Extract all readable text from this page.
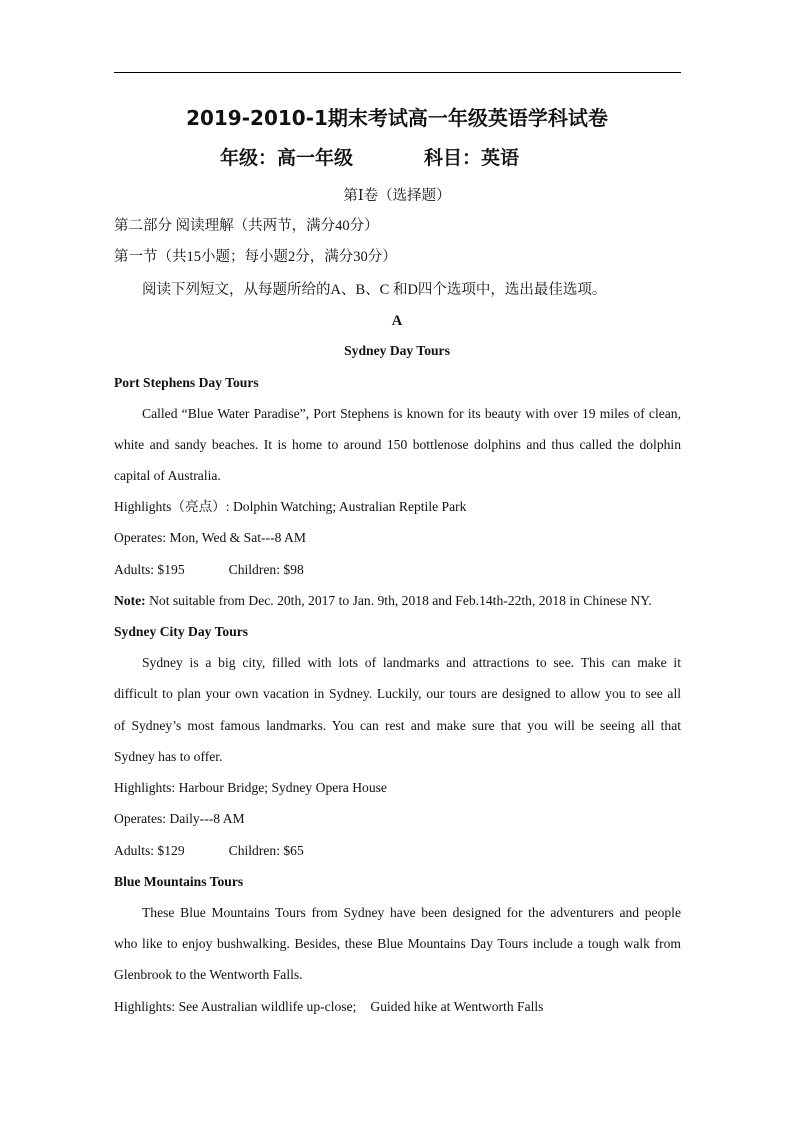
2019-2010-1期末考试高一年级英语学科试卷
年级：高一年级	科目：英语
第Ⅰ卷（选择题）
第二部分 阅读理解（共两节，满分40分）
第一节（共15小题；每小题2分，满分30分）
阅读下列短文，从每题所给的A、B、C 和D四个选项中，选出最佳选项。
A
Sydney Day Tours
Port Stephens Day Tours
Called “Blue Water Paradise”, Port Stephens is known for its beauty with over 19 miles of clean,
white and sandy beaches. It is home to around 150 bottlenose dolphins and thus called the dolphin
capital of Australia.
Highlights（亮点）: Dolphin Watching; Australian Reptile Park
Operates: Mon, Wed & Sat---8 AM
Adults: $195	Children: $98
Note: Not suitable from Dec. 20th, 2017 to Jan. 9th, 2018 and Feb.14th-22th, 2018 in Chinese NY.
Sydney City Day Tours
Sydney is a big city, filled with lots of landmarks and attractions to see. This can make it
difficult to plan your own vacation in Sydney. Luckily, our tours are designed to allow you to see all
of Sydney’s most famous landmarks. You can rest and make sure that you will be seeing all that
Sydney has to offer.
Highlights: Harbour Bridge; Sydney Opera House
Operates: Daily---8 AM
Adults: $129	Children: $65
Blue Mountains Tours
These Blue Mountains Tours from Sydney have been designed for the adventurers and people
who like to enjoy bushwalking. Besides, these Blue Mountains Day Tours include a tough walk from
Glenbrook to the Wentworth Falls.
Highlights: See Australian wildlife up-close; Guided hike at Wentworth Falls
